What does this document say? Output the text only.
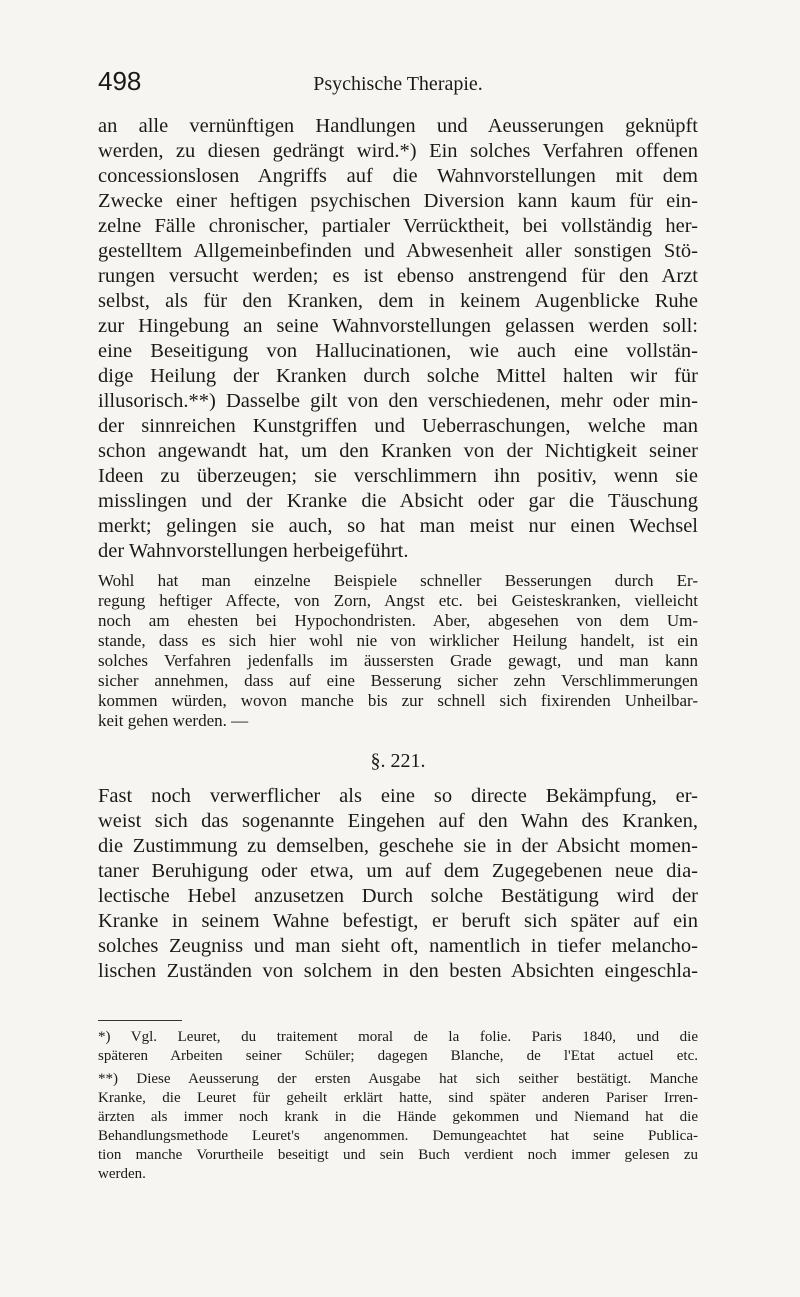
498	Psychische Therapie.
an alle vernünftigen Handlungen und Aeusserungen geknüpft
werden, zu diesen gedrängt wird.*) Ein solches Verfahren offenen
concessionslosen Angriffs auf die Wahnvorstellungen mit dem
Zwecke einer heftigen psychischen Diversion kann kaum für ein-
zelne Fälle chronischer, partialer Verrücktheit, bei vollständig her-
gestelltem Allgemeinbefinden und Abwesenheit aller sonstigen Stö-
rungen versucht werden; es ist ebenso anstrengend für den Arzt
selbst, als für den Kranken, dem in keinem Augenblicke Ruhe
zur Hingebung an seine Wahnvorstellungen gelassen werden soll:
eine Beseitigung von Hallucinationen, wie auch eine vollstän-
dige Heilung der Kranken durch solche Mittel halten wir für
illusorisch.**) Dasselbe gilt von den verschiedenen, mehr oder min-
der sinnreichen Kunstgriffen und Ueberraschungen, welche man
schon angewandt hat, um den Kranken von der Nichtigkeit seiner
Ideen zu überzeugen; sie verschlimmern ihn positiv, wenn sie
misslingen und der Kranke die Absicht oder gar die Täuschung
merkt; gelingen sie auch, so hat man meist nur einen Wechsel
der Wahnvorstellungen herbeigeführt.
Wohl hat man einzelne Beispiele schneller Besserungen durch Er-
regung heftiger Affecte, von Zorn, Angst etc. bei Geisteskranken, vielleicht
noch am ehesten bei Hypochondristen. Aber, abgesehen von dem Um-
stande, dass es sich hier wohl nie von wirklicher Heilung handelt, ist ein
solches Verfahren jedenfalls im äussersten Grade gewagt, und man kann
sicher annehmen, dass auf eine Besserung sicher zehn Verschlimmerungen
kommen würden, wovon manche bis zur schnell sich fixirenden Unheilbar-
keit gehen werden. —
§. 221.
Fast noch verwerflicher als eine so directe Bekämpfung, er-
weist sich das sogenannte Eingehen auf den Wahn des Kranken,
die Zustimmung zu demselben, geschehe sie in der Absicht momen-
taner Beruhigung oder etwa, um auf dem Zugegebenen neue dia-
lectische Hebel anzusetzen Durch solche Bestätigung wird der
Kranke in seinem Wahne befestigt, er beruft sich später auf ein
solches Zeugniss und man sieht oft, namentlich in tiefer melancho-
lischen Zuständen von solchem in den besten Absichten eingeschla-
*) Vgl. Leuret, du traitement moral de la folie. Paris 1840, und die
späteren Arbeiten seiner Schüler; dagegen Blanche, de l'Etat actuel etc.
**) Diese Aeusserung der ersten Ausgabe hat sich seither bestätigt. Manche
Kranke, die Leuret für geheilt erklärt hatte, sind später anderen Pariser Irren-
ärzten als immer noch krank in die Hände gekommen und Niemand hat die
Behandlungsmethode Leuret's angenommen. Demungeachtet hat seine Publica-
tion manche Vorurtheile beseitigt und sein Buch verdient noch immer gelesen zu
werden.
